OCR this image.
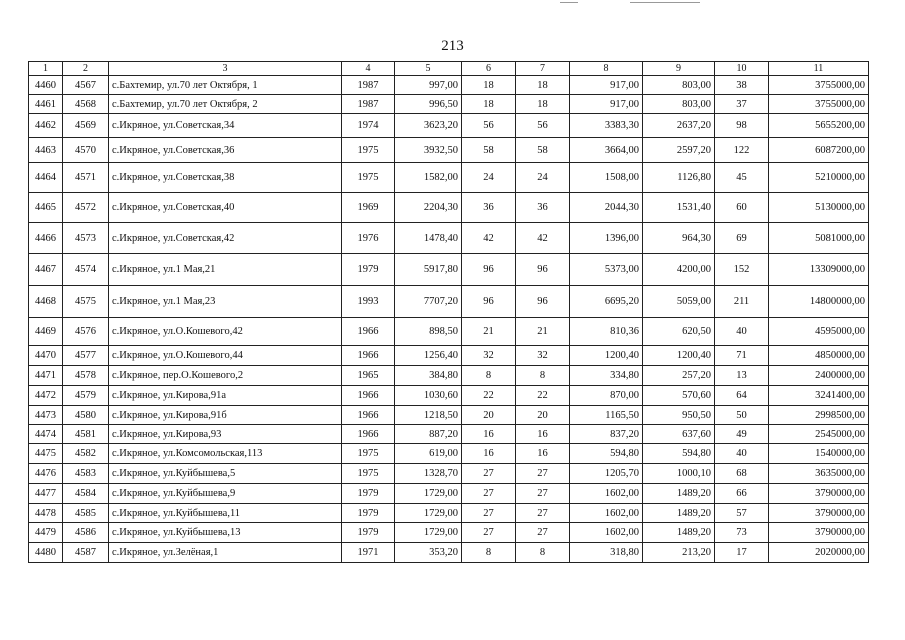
213
1	2	3	4	5	6	7	8	9	10	11
4460	4567	с.Бахтемир, ул.70 лет Октября, 1	1987	997,00	18	18	917,00	803,00	38	3755000,00
4461	4568	с.Бахтемир, ул.70 лет Октября, 2	1987	996,50	18	18	917,00	803,00	37	3755000,00
4462	4569	с.Икряное, ул.Советская,34	1974	3623,20	56	56	3383,30	2637,20	98	5655200,00
4463	4570	с.Икряное, ул.Советская,36	1975	3932,50	58	58	3664,00	2597,20	122	6087200,00
4464	4571	с.Икряное, ул.Советская,38	1975	1582,00	24	24	1508,00	1126,80	45	5210000,00
4465	4572	с.Икряное, ул.Советская,40	1969	2204,30	36	36	2044,30	1531,40	60	5130000,00
4466	4573	с.Икряное, ул.Советская,42	1976	1478,40	42	42	1396,00	964,30	69	5081000,00
4467	4574	с.Икряное, ул.1 Мая,21	1979	5917,80	96	96	5373,00	4200,00	152	13309000,00
4468	4575	с.Икряное, ул.1 Мая,23	1993	7707,20	96	96	6695,20	5059,00	211	14800000,00
4469	4576	с.Икряное, ул.О.Кошевого,42	1966	898,50	21	21	810,36	620,50	40	4595000,00
4470	4577	с.Икряное, ул.О.Кошевого,44	1966	1256,40	32	32	1200,40	1200,40	71	4850000,00
4471	4578	с.Икряное, пер.О.Кошевого,2	1965	384,80	8	8	334,80	257,20	13	2400000,00
4472	4579	с.Икряное, ул.Кирова,91а	1966	1030,60	22	22	870,00	570,60	64	3241400,00
4473	4580	с.Икряное, ул.Кирова,91б	1966	1218,50	20	20	1165,50	950,50	50	2998500,00
4474	4581	с.Икряное, ул.Кирова,93	1966	887,20	16	16	837,20	637,60	49	2545000,00
4475	4582	с.Икряное, ул.Комсомольская,113	1975	619,00	16	16	594,80	594,80	40	1540000,00
4476	4583	с.Икряное, ул.Куйбышева,5	1975	1328,70	27	27	1205,70	1000,10	68	3635000,00
4477	4584	с.Икряное, ул.Куйбышева,9	1979	1729,00	27	27	1602,00	1489,20	66	3790000,00
4478	4585	с.Икряное, ул.Куйбышева,11	1979	1729,00	27	27	1602,00	1489,20	57	3790000,00
4479	4586	с.Икряное, ул.Куйбышева,13	1979	1729,00	27	27	1602,00	1489,20	73	3790000,00
4480	4587	с.Икряное, ул.Зелёная,1	1971	353,20	8	8	318,80	213,20	17	2020000,00
